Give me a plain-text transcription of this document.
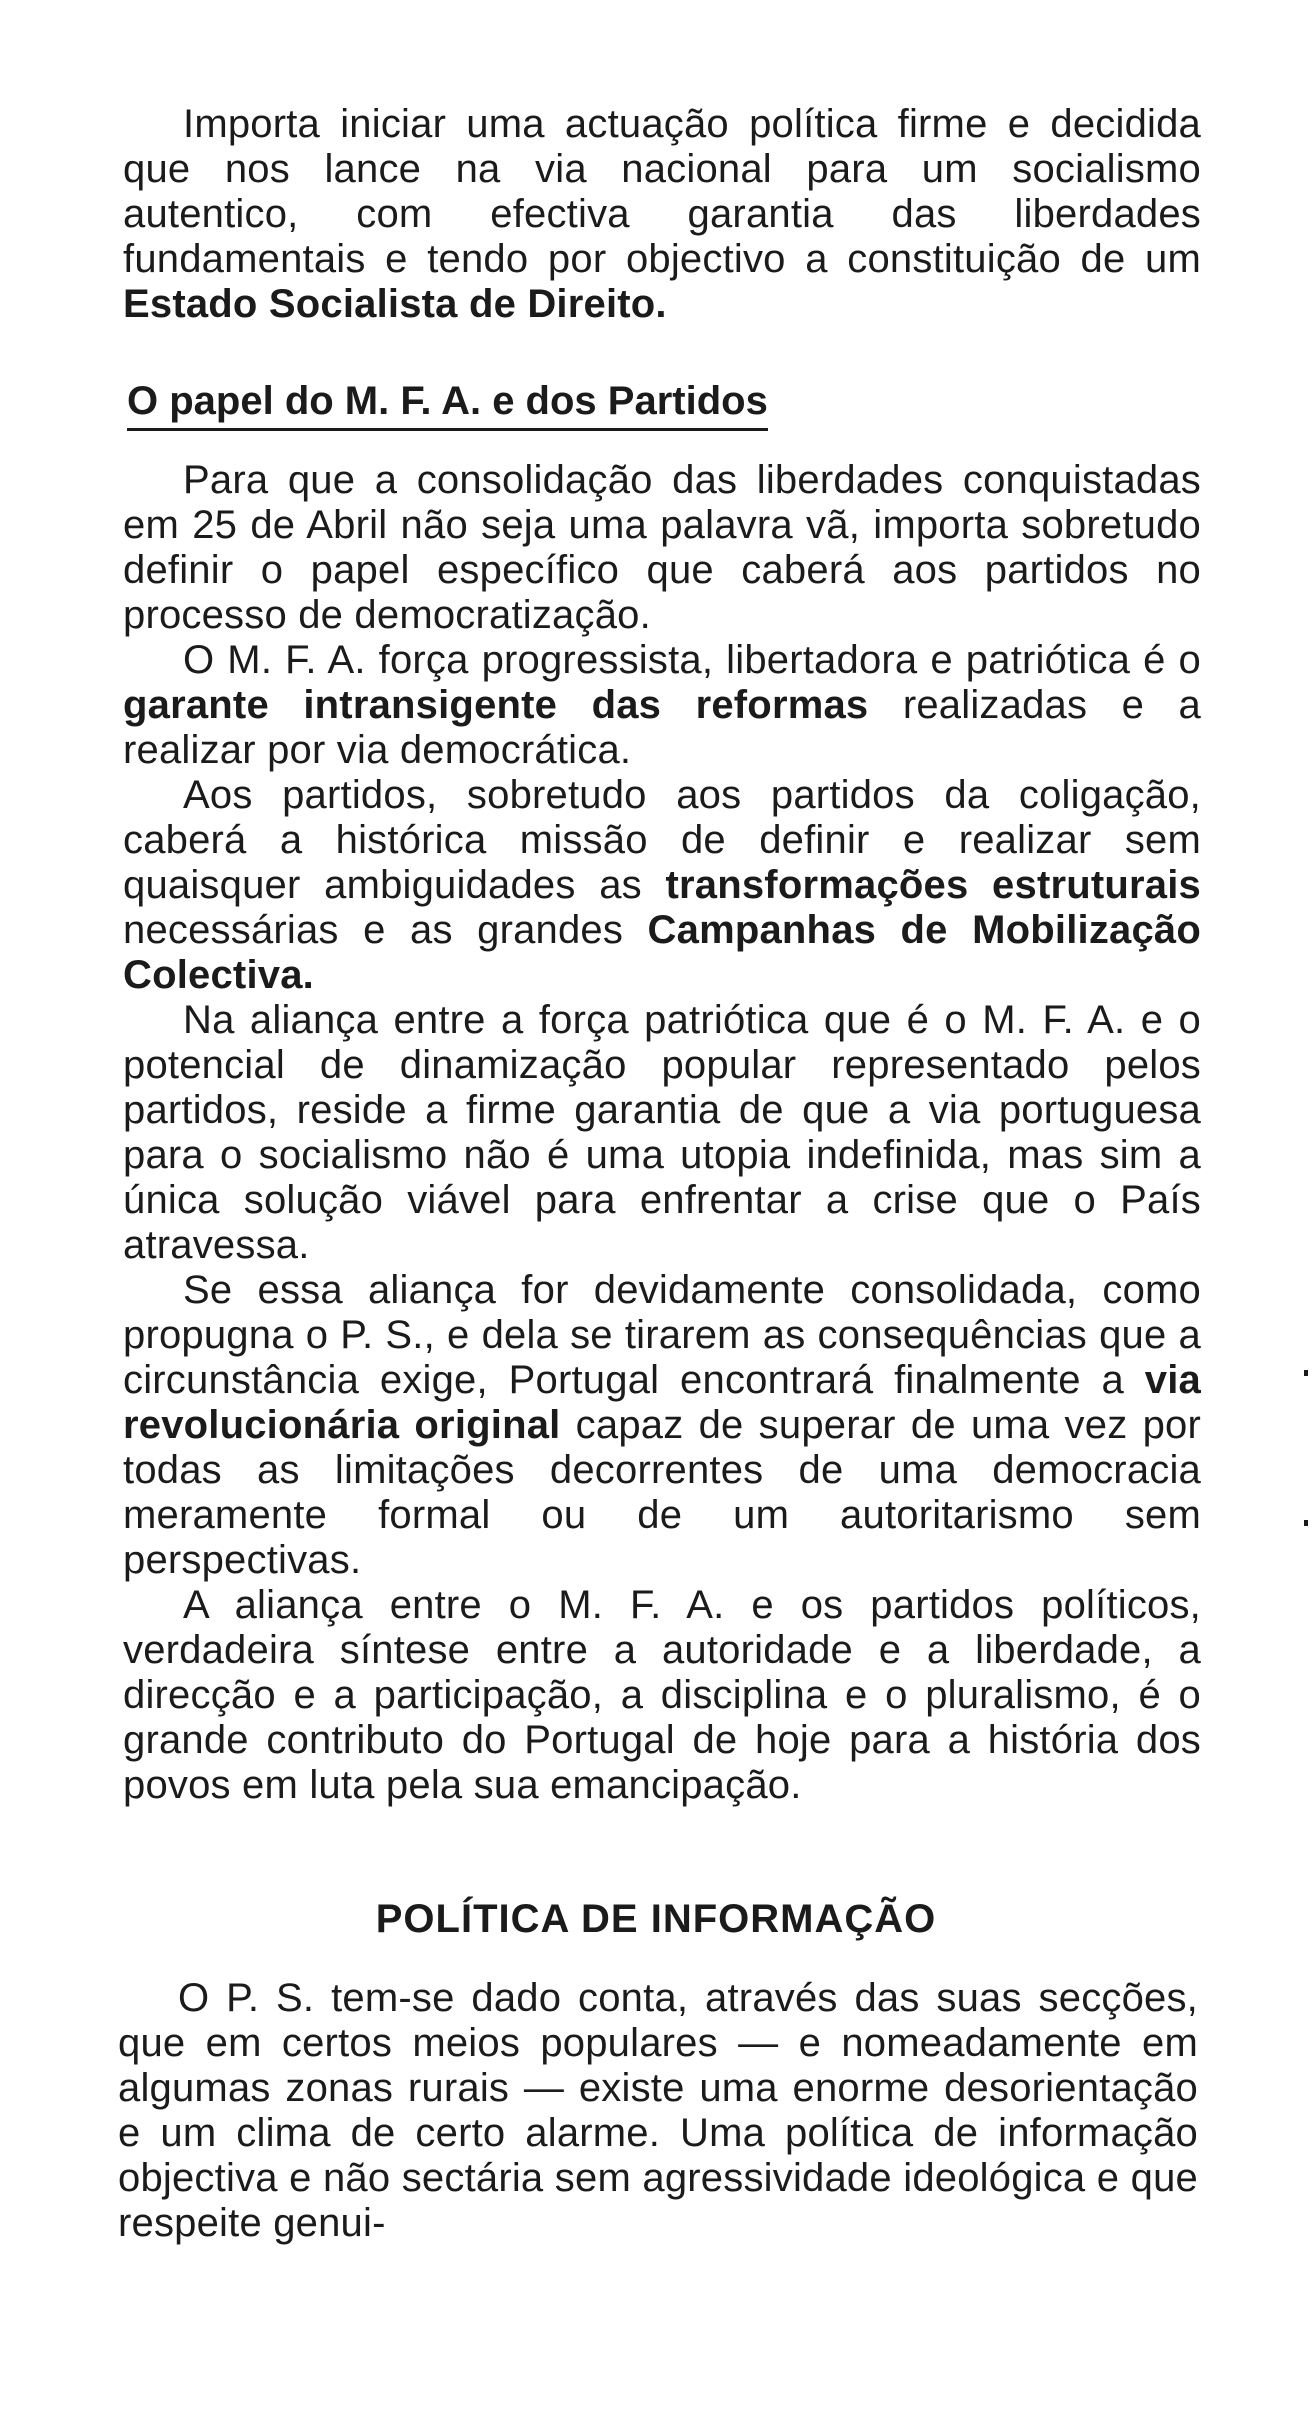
Importa iniciar uma actuação política firme e decidida que nos lance na via nacional para um socialismo autentico, com efectiva garantia das liberdades fundamentais e tendo por objectivo a constituição de um Estado Socialista de Direito.

O papel do M. F. A. e dos Partidos

Para que a consolidação das liberdades conquistadas em 25 de Abril não seja uma palavra vã, importa sobretudo definir o papel específico que caberá aos partidos no processo de democratização.

O M. F. A. força progressista, libertadora e patriótica é o garante intransigente das reformas realizadas e a realizar por via democrática.

Aos partidos, sobretudo aos partidos da coligação, caberá a histórica missão de definir e realizar sem quaisquer ambiguidades as transformações estruturais necessárias e as grandes Campanhas de Mobilização Colectiva.

Na aliança entre a força patriótica que é o M. F. A. e o potencial de dinamização popular representado pelos partidos, reside a firme garantia de que a via portuguesa para o socialismo não é uma utopia indefinida, mas sim a única solução viável para enfrentar a crise que o País atravessa.

Se essa aliança for devidamente consolidada, como propugna o P. S., e dela se tirarem as consequências que a circunstância exige, Portugal encontrará finalmente a via revolucionária original capaz de superar de uma vez por todas as limitações decorrentes de uma democracia meramente formal ou de um autoritarismo sem perspectivas.

A aliança entre o M. F. A. e os partidos políticos, verdadeira síntese entre a autoridade e a liberdade, a direcção e a participação, a disciplina e o pluralismo, é o grande contributo do Portugal de hoje para a história dos povos em luta pela sua emancipação.

POLÍTICA DE INFORMAÇÃO

O P. S. tem-se dado conta, através das suas secções, que em certos meios populares — e nomeadamente em algumas zonas rurais — existe uma enorme desorientação e um clima de certo alarme. Uma política de informação objectiva e não sectária sem agressividade ideológica e que respeite genui-
